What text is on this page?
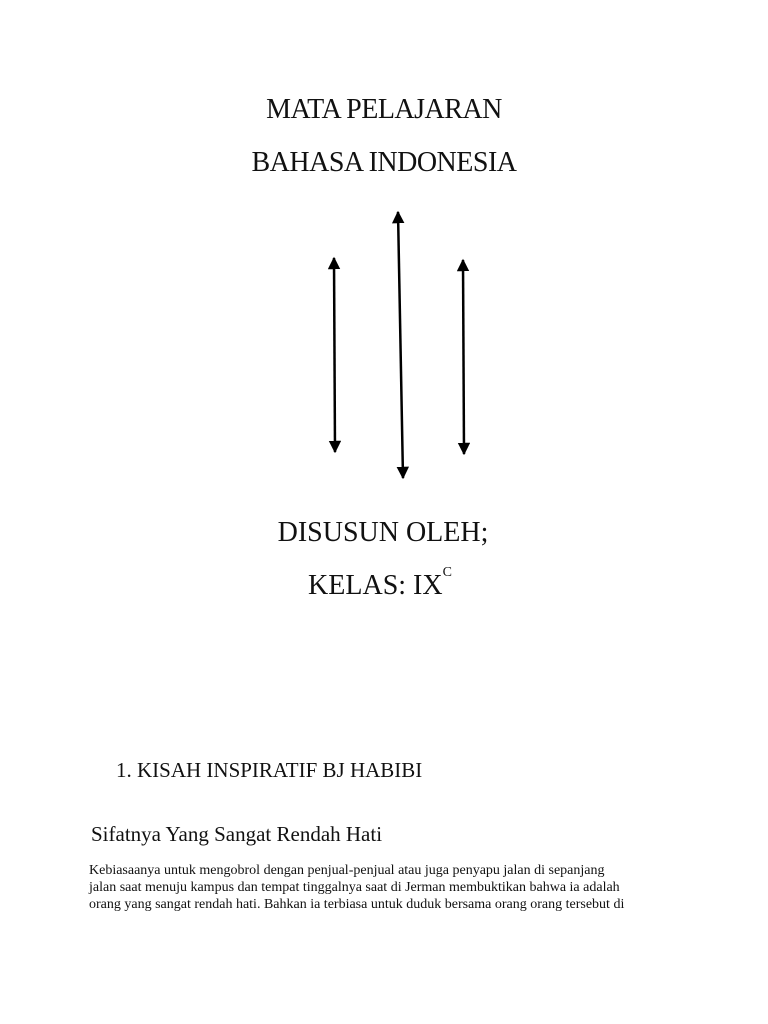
MATA PELAJARAN
BAHASA INDONESIA
DISUSUN OLEH;
KELAS: $IX^C$
1. KISAH INSPIRATIF BJ HABIBI
Sifatnya Yang Sangat Rendah Hati
Kebiasaanya untuk mengobrol dengan penjual-penjual atau juga penyapu jalan di sepanjang
jalan saat menuju kampus dan tempat tinggalnya saat di Jerman membuktikan bahwa ia adalah
orang yang sangat rendah hati. Bahkan ia terbiasa untuk duduk bersama orang orang tersebut di
